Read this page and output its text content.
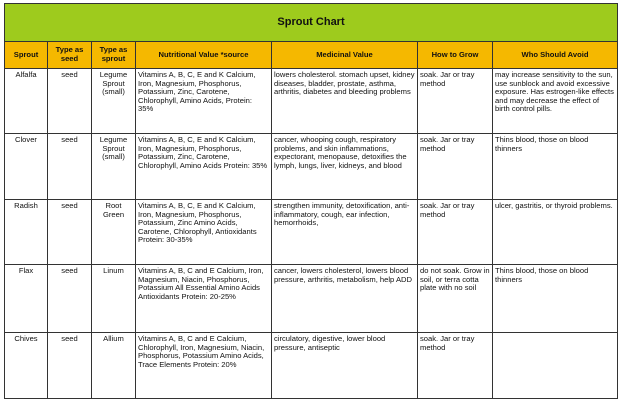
Sprout Chart						
Sprout	Type as seed	Type as sprout	Nutritional Value *source	Medicinal Value	How to Grow	Who Should Avoid
Alfalfa	seed	Legume Sprout (small)	Vitamins A, B, C, E and K Calcium, Iron, Magnesium, Phosphorus, Potassium, Zinc, Carotene, Chlorophyll, Amino Acids, Protein: 35%	lowers cholesterol. stomach upset, kidney diseases, bladder, prostate, asthma, arthritis, diabetes and bleeding problems	soak. Jar or tray method	may increase sensitivity to the sun, use sunblock and avoid excessive exposure. Has estrogen-like effects and may decrease the effect of birth control pills.
Clover	seed	Legume Sprout (small)	Vitamins A, B, C, E and K Calcium, Iron, Magnesium, Phosphorus, Potassium, Zinc, Carotene, Chlorophyll, Amino Acids Protein: 35%	cancer, whooping cough, respiratory problems, and skin inflammations, expectorant, menopause, detoxifies the lymph, lungs, liver, kidneys, and blood	soak. Jar or tray method	Thins blood, those on blood thinners
Radish	seed	Root Green	Vitamins A, B, C, E and K Calcium, Iron, Magnesium, Phosphorus, Potassium, Zinc Amino Acids, Carotene, Chlorophyll, Antioxidants Protein: 30-35%	strengthen immunity, detoxification, anti-inflammatory, cough, ear infection, hemorrhoids,	soak. Jar or tray method	ulcer, gastritis, or thyroid problems.
Flax	seed	Linum	Vitamins A, B, C and E Calcium, Iron, Magnesium, Niacin, Phosphorus, Potassium All Essential Amino Acids Antioxidants Protein: 20-25%	cancer, lowers cholesterol, lowers blood pressure, arthritis, metabolism, help ADD	do not soak. Grow in soil, or terra cotta plate with no soil	Thins blood, those on blood thinners
Chives	seed	Allium	Vitamins A, B, C and E Calcium, Chlorophyll, Iron, Magnesium, Niacin, Phosphorus, Potassium Amino Acids, Trace Elements Protein: 20%	circulatory, digestive, lower blood pressure, antiseptic	soak. Jar or tray method	
